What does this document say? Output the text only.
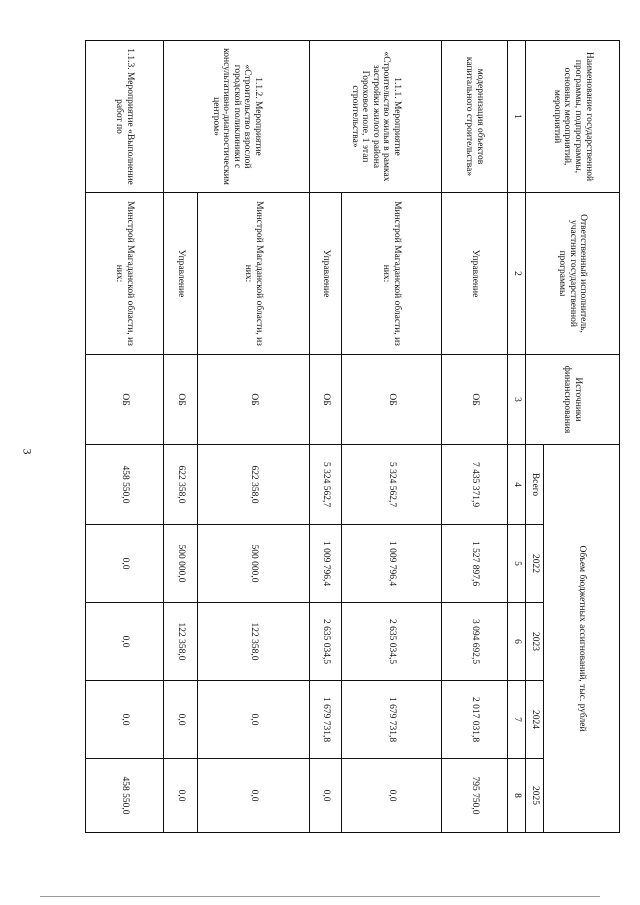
3
Наименование государственной программы, подпрограммы, основных мероприятий, мероприятий	Ответственный исполнитель, участник государственной программы	Источники финансирования	Объем бюджетных ассигнований, тыс. рублей				
			Всего	2022	2023	2024	2025
1	2	3	4	5	6	7	8
модернизация объектов капитального строительства»	Управление	ОБ	7 435 371,9	1 527 897,6	3 094 692,5	2 017 031,8	795 750,0
1.1.1. Мероприятие «Строительство жилья в рамках застройки жилого района Гороховое поле, 1 этап строительства»	Минстрой Магаданской области, из них:	ОБ	5 324 562,7	1 009 796,4	2 635 034,5	1 679 731,8	0,0
	Управление	ОБ	5 324 562,7	1 009 796,4	2 635 034,5	1 679 731,8	0,0
1.1.2. Мероприятие «Строительство взрослой городской поликлиники с консультативно-диагностическим центром»	Минстрой Магаданской области, из них:	ОБ	622 358,0	500 000,0	122 358,0	0,0	0,0
	Управление	ОБ	622 358,0	500 000,0	122 358,0	0,0	0,0
1.1.3. Мероприятие «Выполнение работ по	Минстрой Магаданской области, из них:	ОБ	458 550,0	0,0	0,0	0,0	458 550,0
